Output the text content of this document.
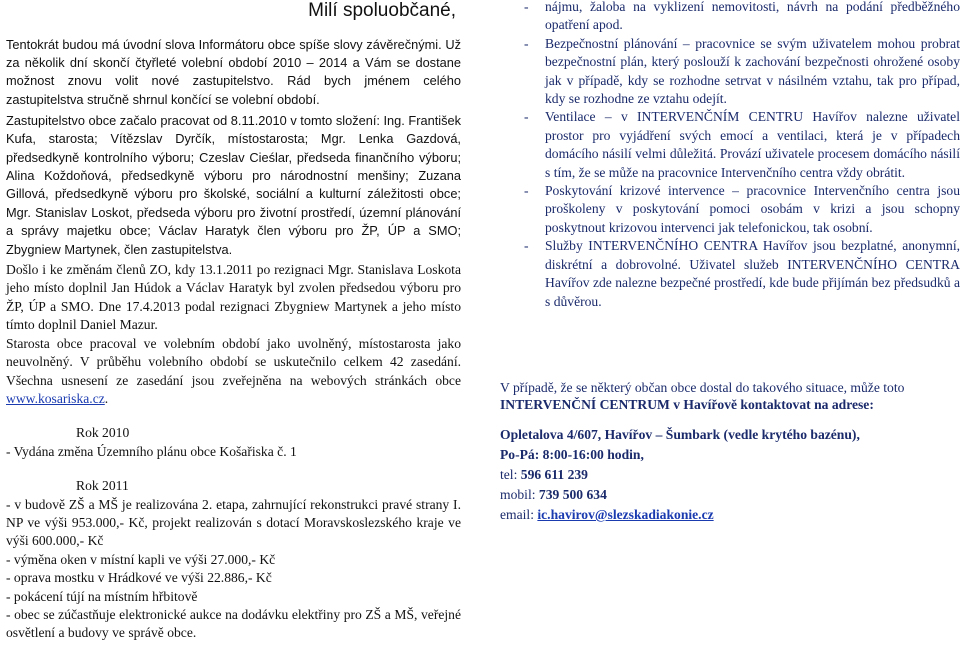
Milí spoluobčané,

Tentokrát budou má úvodní slova Informátoru obce spíše slovy závěrečnými. Už za několik dní skončí čtyřleté volební období 2010 – 2014 a Vám se dostane možnost znovu volit nové zastupitelstvo. Rád bych jménem celého zastupitelstva stručně shrnul končící se volební období.

Zastupitelstvo obce začalo pracovat od 8.11.2010 v tomto složení: Ing. František Kufa, starosta; Vítězslav Dyrčík, místostarosta; Mgr. Lenka Gazdová, předsedkyně kontrolního výboru; Czeslav Cieślar, předseda finančního výboru; Alina Koždoňová, předsedkyně výboru pro národnostní menšiny; Zuzana Gillová, předsedkyně výboru pro školské, sociální a kulturní záležitosti obce; Mgr. Stanislav Loskot, předseda výboru pro životní prostředí, územní plánování a správy majetku obce; Václav Haratyk člen výboru pro ŽP, ÚP a SMO; Zbygniew Martynek, člen zastupitelstva.

Došlo i ke změnám členů ZO, kdy 13.1.2011 po rezignaci Mgr. Stanislava Loskota jeho místo doplnil Jan Húdok a Václav Haratyk byl zvolen předsedou výboru pro ŽP, ÚP a SMO. Dne 17.4.2013 podal rezignaci Zbygniew Martynek a jeho místo tímto doplnil Daniel Mazur.

Starosta obce pracoval ve volebním období jako uvolněný, místostarosta jako neuvolněný. V průběhu volebního období se uskutečnilo celkem 42 zasedání. Všechna usnesení ze zasedání jsou zveřejněna na webových stránkách obce www.kosariska.cz.

Rok 2010
- Vydána změna Územního plánu obce Košařiska č. 1
Rok 2011
- v budově ZŠ a MŠ je realizována 2. etapa, zahrnující rekonstrukci pravé strany I. NP ve výši 953.000,- Kč, projekt realizován s dotací Moravskoslezského kraje ve výši 600.000,- Kč
- výměna oken v místní kapli ve výši 27.000,- Kč
- oprava mostku v Hrádkové ve výši 22.886,- Kč
- pokácení tújí na místním hřbitově
- obec se zúčastňuje elektronické aukce na dodávku elektřiny pro ZŠ a MŠ, veřejné osvětlení a budovy ve správě obce.
- nájmu, žaloba na vyklizení nemovitosti, návrh na podání předběžného opatření apod.
- Bezpečnostní plánování – pracovnice se svým uživatelem mohou probrat bezpečnostní plán, který poslouží k zachování bezpečnosti ohrožené osoby jak v případě, kdy se rozhodne setrvat v násilném vztahu, tak pro případ, kdy se rozhodne ze vztahu odejít.
- Ventilace – v INTERVENČNÍM CENTRU Havířov nalezne uživatel prostor pro vyjádření svých emocí a ventilaci, která je v případech domácího násilí velmi důležitá. Provází uživatele procesem domácího násilí s tím, že se může na pracovnice Intervenčního centra vždy obrátit.
- Poskytování krizové intervence – pracovnice Intervenčního centra jsou proškoleny v poskytování pomoci osobám v krizi a jsou schopny poskytnout krizovou intervenci jak telefonickou, tak osobní.
- Služby INTERVENČNÍHO CENTRA Havířov jsou bezplatné, anonymní, diskrétní a dobrovolné. Uživatel služeb INTERVENČNÍHO CENTRA Havířov zde nalezne bezpečné prostředí, kde bude přijímán bez předsudků a s důvěrou.

V případě, že se některý občan obce dostal do takového situace, může toto INTERVENČNÍ CENTRUM v Havířově kontaktovat na adrese:

Opletalova 4/607, Havířov – Šumbark (vedle krytého bazénu),
Po-Pá: 8:00-16:00 hodin,
tel: 596 611 239
mobil: 739 500 634
email: ic.havirov@slezskadiakonie.cz
